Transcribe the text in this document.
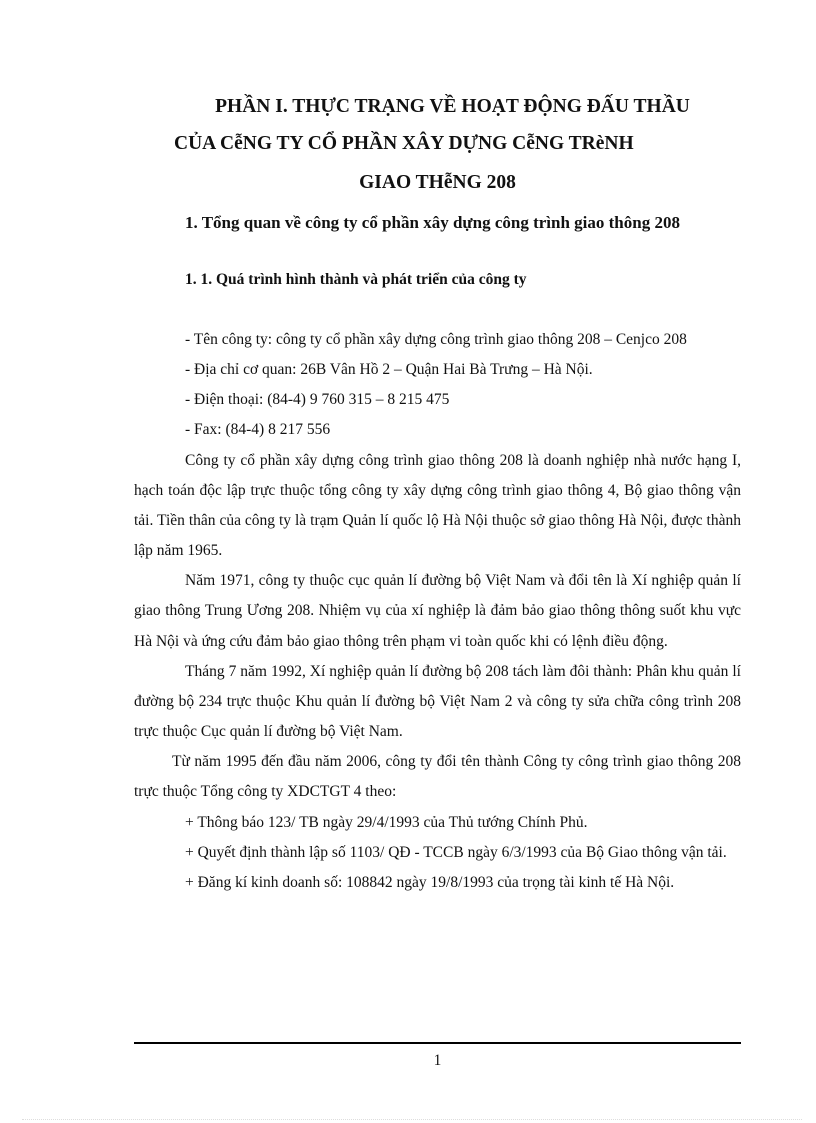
PHẦN I. THỰC TRẠNG VỀ HOẠT ĐỘNG ĐẤU THẦU
CỦA CễNG TY CỔ PHẦN XÂY DỰNG CễNG TRèNH
GIAO THễNG 208

1. Tổng quan về công ty cổ phần xây dựng công trình giao thông 208

1. 1. Quá trình hình thành và phát triển của công ty

- Tên công ty: công ty cổ phần xây dựng công trình giao thông 208 – Cenjco 208

- Địa chỉ cơ quan: 26B Vân Hồ 2 – Quận Hai Bà Trưng – Hà Nội.

- Điện thoại: (84-4) 9 760 315 – 8 215 475

- Fax: (84-4) 8 217 556

Công ty cổ phần xây dựng công trình giao thông 208 là doanh nghiệp nhà nước hạng I, hạch toán độc lập trực thuộc tổng công ty xây dựng công trình giao thông 4, Bộ giao thông vận tải. Tiền thân của công ty là trạm Quản lí quốc lộ Hà Nội thuộc sở giao thông Hà Nội, được thành lập năm 1965.

Năm 1971, công ty thuộc cục quản lí đường bộ Việt Nam và đổi tên là Xí nghiệp quản lí giao thông Trung Ương 208. Nhiệm vụ của xí nghiệp là đảm bảo giao thông thông suốt khu vực Hà Nội và ứng cứu đảm bảo giao thông trên phạm vi toàn quốc khi có lệnh điều động.

Tháng 7 năm 1992, Xí nghiệp quản lí đường bộ 208 tách làm đôi thành: Phân khu quản lí đường bộ 234 trực thuộc Khu quản lí đường bộ Việt Nam 2 và công ty sửa chữa công trình 208 trực thuộc Cục quản lí đường bộ Việt Nam.

Từ năm 1995 đến đầu năm 2006, công ty đổi tên thành Công ty công trình giao thông 208 trực thuộc Tổng công ty XDCTGT 4 theo:

+ Thông báo 123/ TB ngày 29/4/1993 của Thủ tướng Chính Phủ.

+ Quyết định thành lập số 1103/ QĐ - TCCB ngày 6/3/1993 của Bộ Giao thông vận tải.

+ Đăng kí kinh doanh số: 108842 ngày 19/8/1993 của trọng tài kinh tế Hà Nội.

1
